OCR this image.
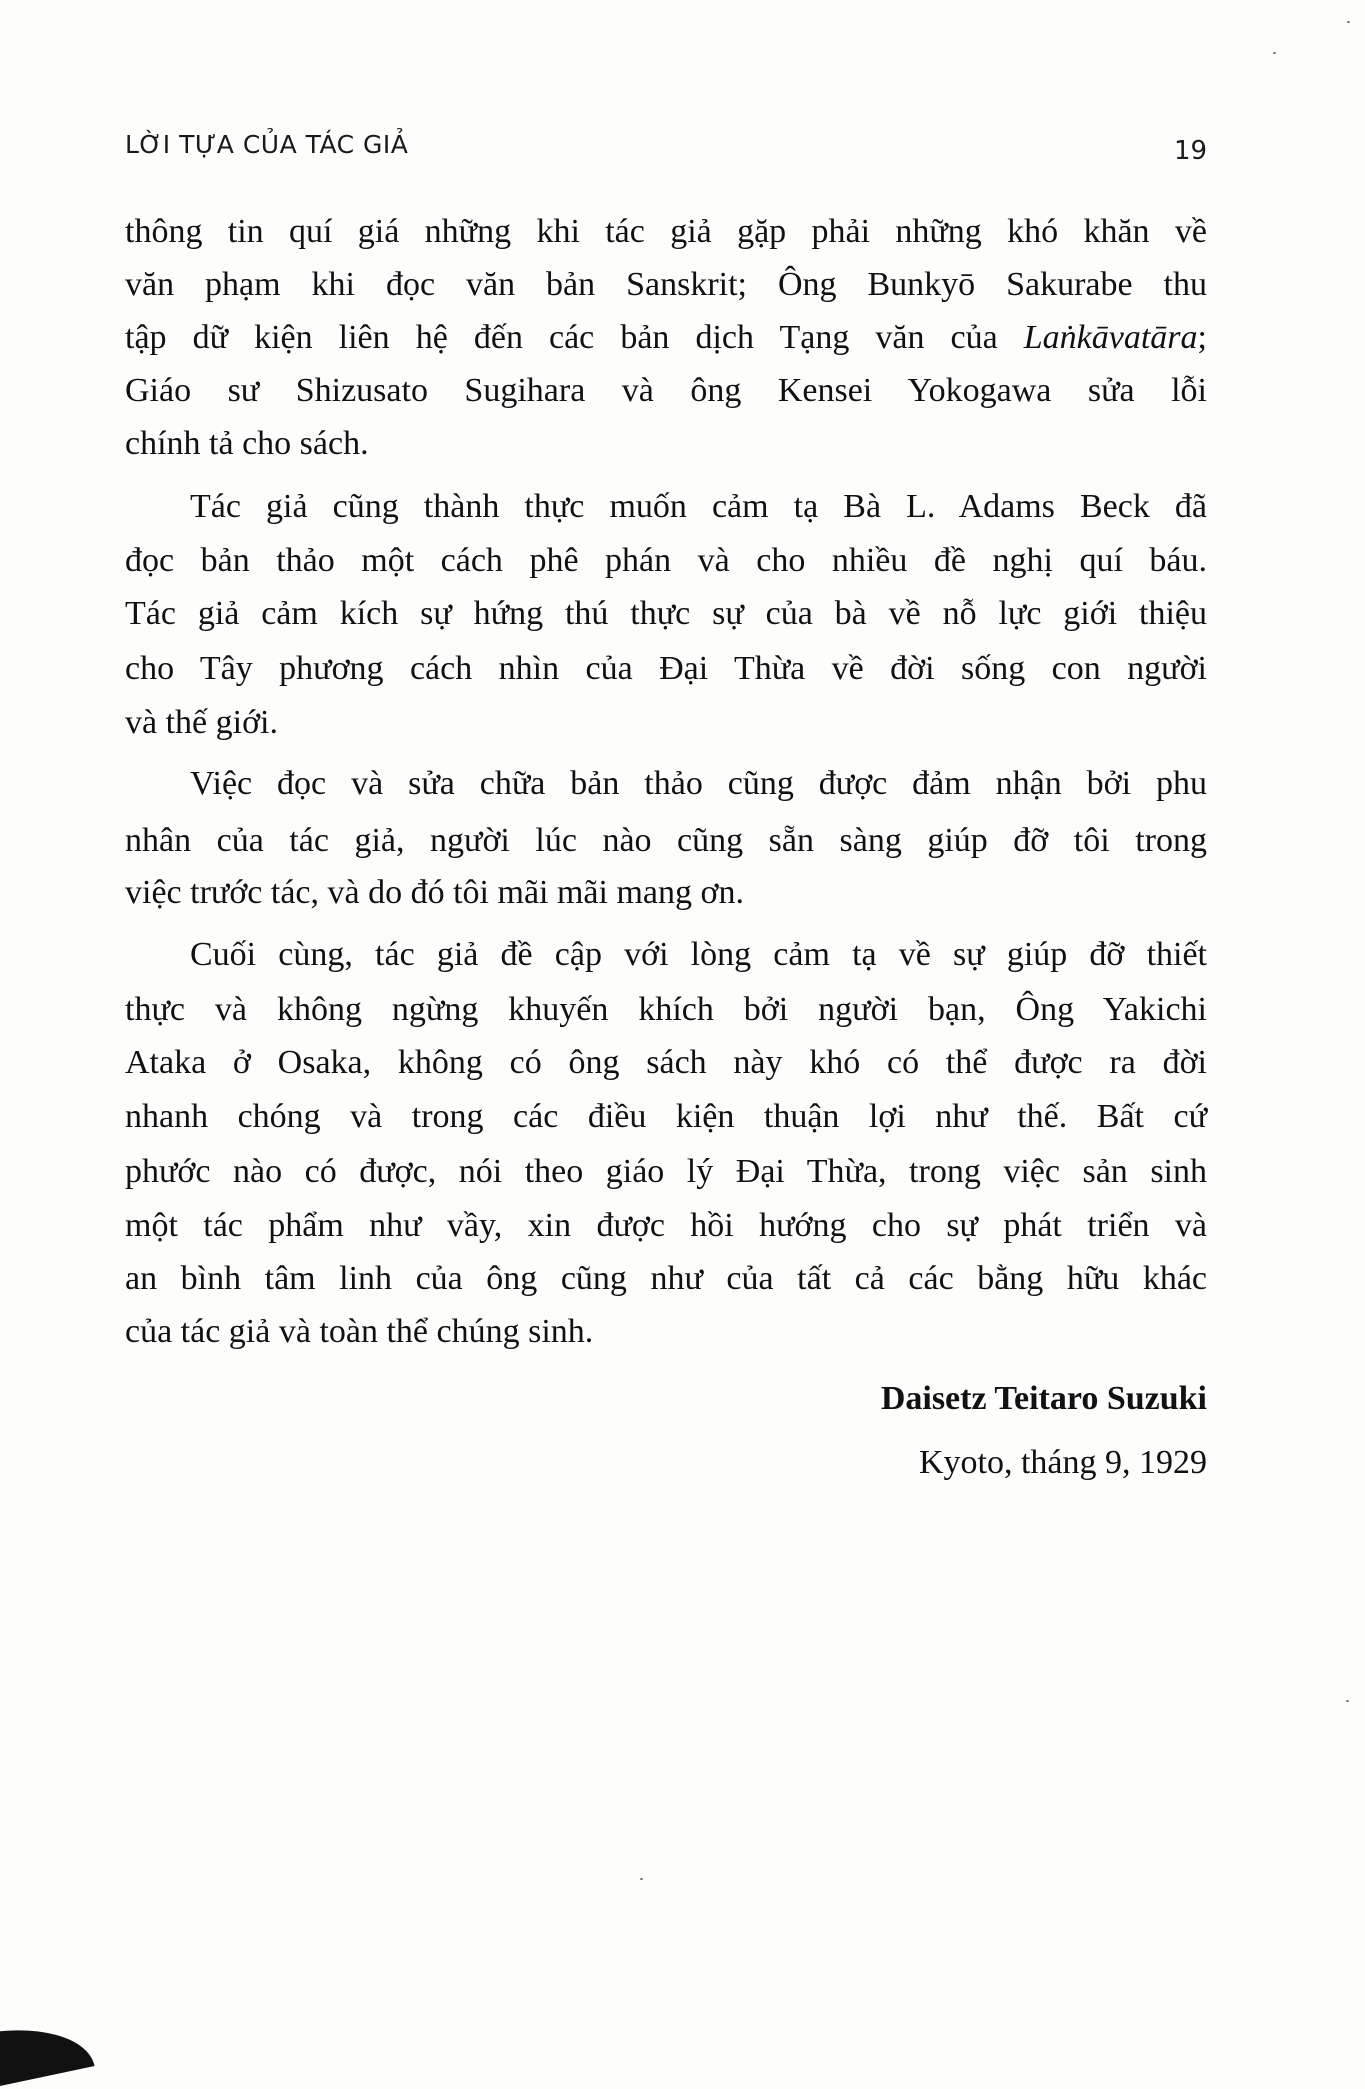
LỜI TỰA CỦA TÁC GIẢ	19
thông tin quí giá những khi tác giả gặp phải những khó khăn về
văn phạm khi đọc văn bản Sanskrit; Ông Bunkyō Sakurabe thu
tập dữ kiện liên hệ đến các bản dịch Tạng văn của Laṅkāvatāra;
Giáo sư Shizusato Sugihara và ông Kensei Yokogawa sửa lỗi
chính tả cho sách.
Tác giả cũng thành thực muốn cảm tạ Bà L. Adams Beck đã
đọc bản thảo một cách phê phán và cho nhiều đề nghị quí báu.
Tác giả cảm kích sự hứng thú thực sự của bà về nỗ lực giới thiệu
cho Tây phương cách nhìn của Đại Thừa về đời sống con người
và thế giới.
Việc đọc và sửa chữa bản thảo cũng được đảm nhận bởi phu
nhân của tác giả, người lúc nào cũng sẵn sàng giúp đỡ tôi trong
việc trước tác, và do đó tôi mãi mãi mang ơn.
Cuối cùng, tác giả đề cập với lòng cảm tạ về sự giúp đỡ thiết
thực và không ngừng khuyến khích bởi người bạn, Ông Yakichi
Ataka ở Osaka, không có ông sách này khó có thể được ra đời
nhanh chóng và trong các điều kiện thuận lợi như thế. Bất cứ
phước nào có được, nói theo giáo lý Đại Thừa, trong việc sản sinh
một tác phẩm như vầy, xin được hồi hướng cho sự phát triển và
an bình tâm linh của ông cũng như của tất cả các bằng hữu khác
của tác giả và toàn thể chúng sinh.
Daisetz Teitaro Suzuki
Kyoto, tháng 9, 1929
